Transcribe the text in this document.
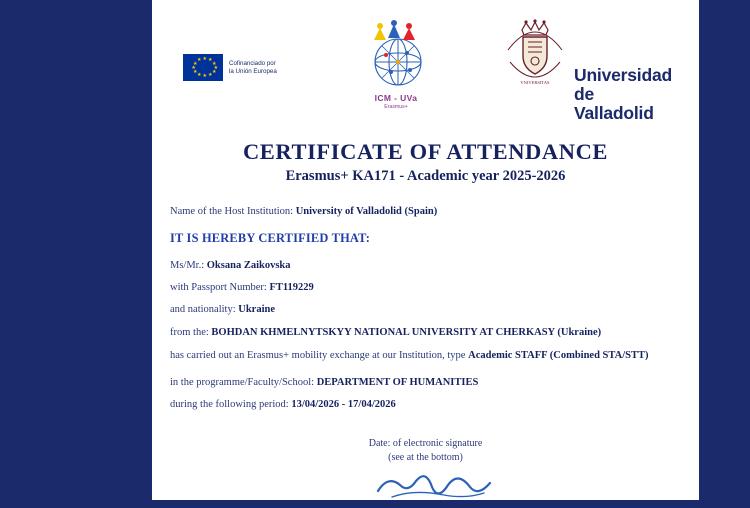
★
★ ★
★	★
★	★
★	★
★ ★
★
Cofinanciado por
la Unión Europea
ICM - UVa
Erasmus+
VNIVERSITAS Universidad
de Valladolid
CERTIFICATE OF ATTENDANCE
Erasmus+ KA171 - Academic year 2025-2026
Name of the Host Institution: University of Valladolid (Spain)
IT IS HEREBY CERTIFIED THAT:
Ms/Mr.: Oksana Zaikovska
with Passport Number: FT119229
and nationality: Ukraine
from the: BOHDAN KHMELNYTSKYY NATIONAL UNIVERSITY AT CHERKASY (Ukraine)
has carried out an Erasmus+ mobility exchange at our Institution, type Academic STAFF (Combined STA/STT)
in the programme/Faculty/School: DEPARTMENT OF HUMANITIES
during the following period: 13/04/2026 - 17/04/2026
Date: of electronic signature
(see at the bottom)
